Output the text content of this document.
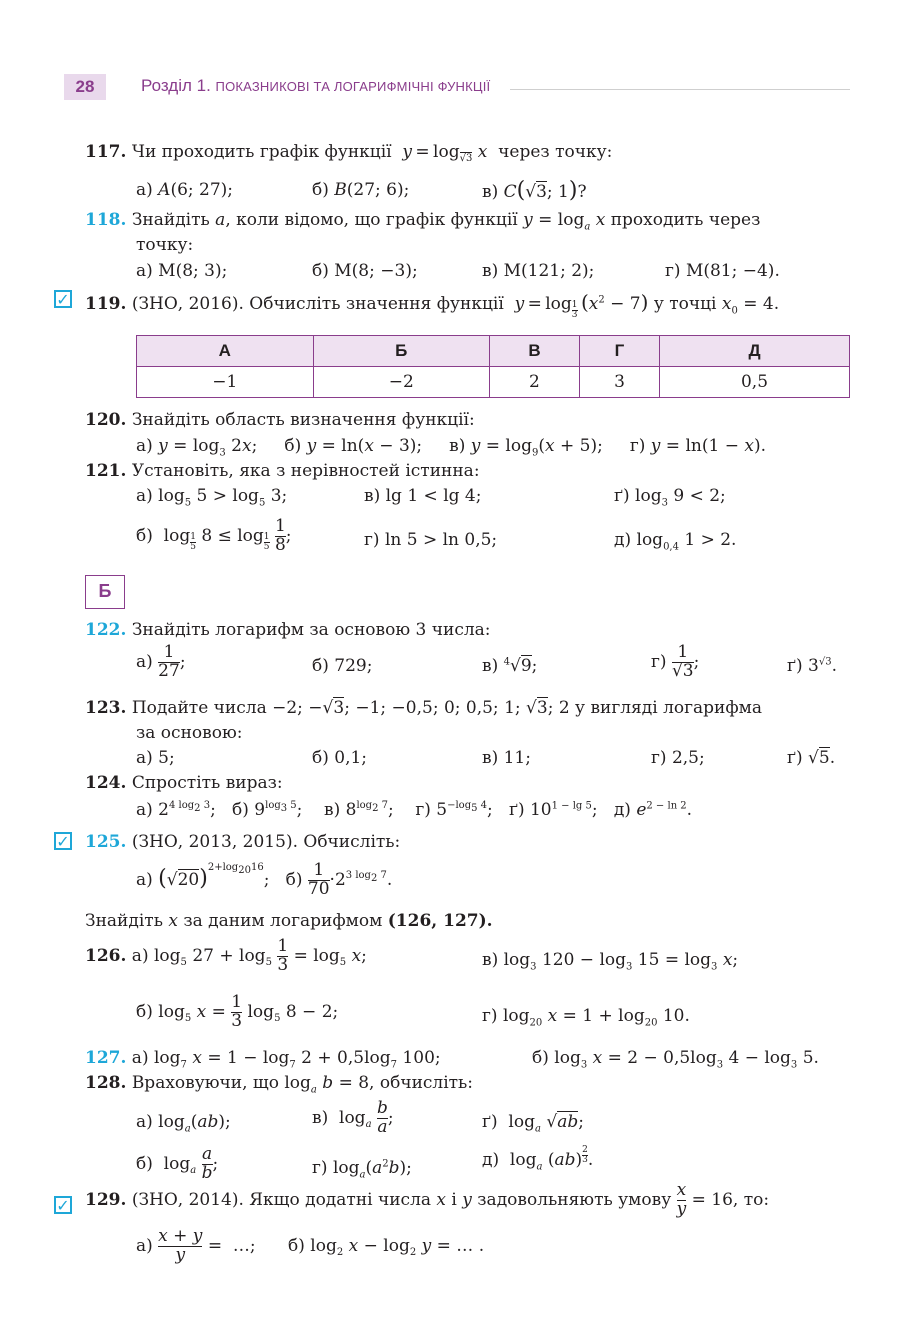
28	Розділ 1. ПОКАЗНИКОВІ ТА ЛОГАРИФМІЧНІ ФУНКЦІЇ
117. Чи проходить графік функції $y = \log_{√3} x$ через точку:
а) A(6; 27);	б) B(27; 6);	в) C(√3; 1)?
118. Знайдіть a, коли відомо, що графік функції $y = \log_a x$ проходить через
точку:
а) M(8; 3);	б) M(8; −3);	в) M(121; 2);	г) M(81; −4).
✓ 119. (ЗНО, 2016). Обчисліть значення функції y = log $_{\frac{1}{3}}$
  $(x^2 - 7)$ у точці $x_0 = 4$.
А	Б	В	Г	Д
−1	−2	2	3	0,5
120. Знайдіть область визначення функції:
а) $y = \log_3 2x$;     б) y = ln(x − 3);     в) $y = \log_9(x + 5)$;     г) y = ln(1 − x).
121. Установіть, яка з нерівностей істинна:
а) $\log_5 5 > \log_5 3$;	в) lg 1 < lg 4;	ґ) $\log_3 9 < 2$;
б)  log $_{\frac{1}{5}}$ 8 ≤ log $_{\frac{1}{5}}$
$\frac{1}{8}$ ;	г) ln 5 > ln 0,5;	д) $\log_{0,4} 1 > 2$.
Б
122. Знайдіть логарифм за основою 3 числа:
$а) \frac{1}{27}$ ;	б) 729;	в) $^4$√9;	$г) \frac{1}{√3}$ ;	ґ) $3^{√3}$.
123. Подайте числа −2; −√3; −1; −0,5; 0; 0,5; 1; √3; 2 у вигляді логарифма
за основою:
а) 5;	б) 0,1;	в) 11;	г) 2,5;	ґ) √5.
124. Спростіть вираз:
а) $2^{4 log_2 3}$;   б) $9^{log_3 5}$;    в) $8^{log_2 7}$;    г) $5^{-log_5 4}$;   ґ) $10^{1 - lg 5}$;   д) $e^{2 - ln 2}$.
✓ 125. (ЗНО, 2013, 2015). Обчисліть:
а) $(√20)^{2+log_{20}16}$;   $б) \frac{1}{70} \cdot 2^{3 log_2 7}$.
Знайдіть x за даним логарифмом (126, 127).
126. а) $\log_5 27 + \log_5 \frac{1}{3} = \log_5 x$;	в) $\log_3 120 - \log_3 15 = \log_3 x$;
б) $\log_5 x = \frac{1}{3} \log_5 8 - 2$;	г) $\log_{20} x = 1 + \log_{20} 10$.
127. а) $\log_7 x = 1 - \log_7 2 + 0,5\log_7$ 100;	б) $\log_3 x = 2 - 0,5\log_3$ $4 - \log_3 5$.
128. Враховуючи, що $\log_a b = 8$, обчисліть:
а) $\log_a(ab)$;	в)  $\log_a \frac{b}{a}$ ;	ґ)  $\log_a √ab$;
б)  $\log_a \frac{a}{b}$ ;	г) $\log_a(a^2b)$;	д)  $\log_a (ab)$ $^{\frac{2}{3}}$ .
✓ 129. (ЗНО, 2014). Якщо додатні числа x і y задовольняють умову $\frac{x}{y} = 16$, то:
$а) \frac{x + y}{y}$ =  …;      б) $\log_2 x - \log_2 y$ = … .
